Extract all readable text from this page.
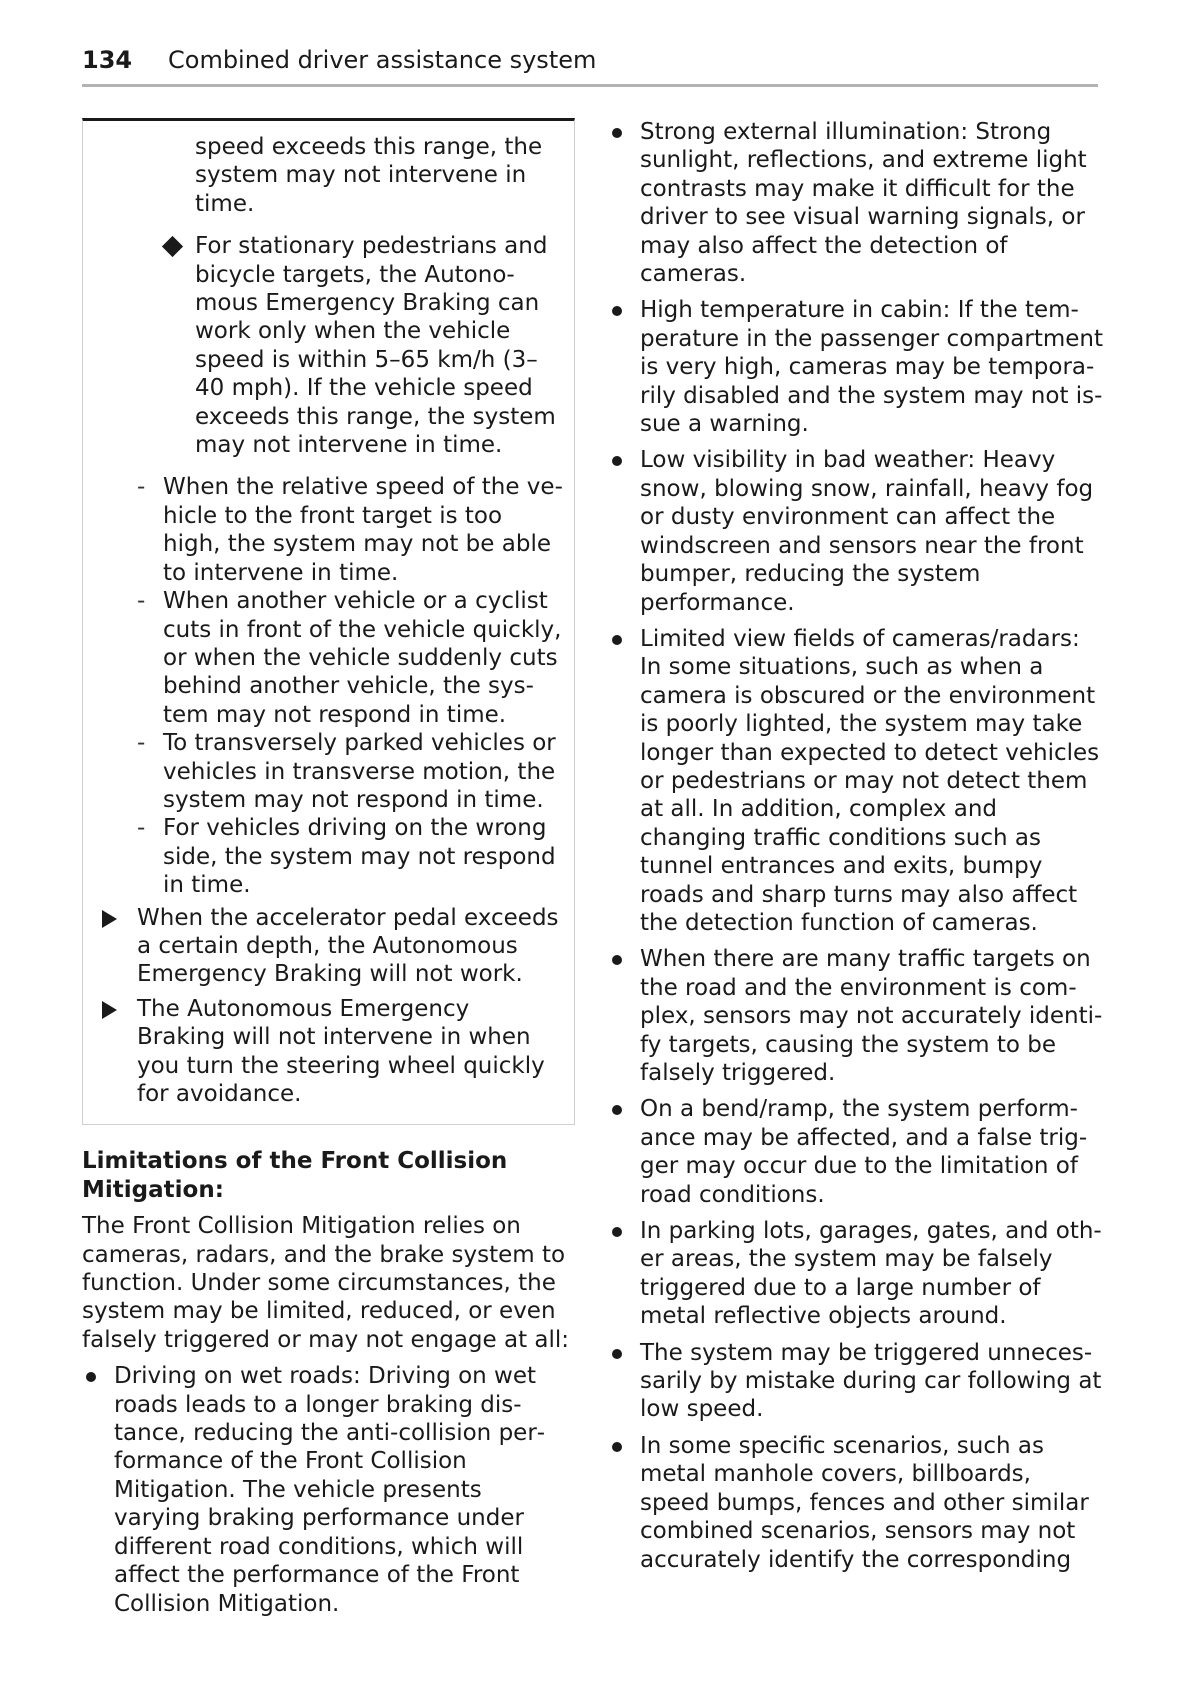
134 Combined driver assistance system

speed exceeds this range, the system may not intervene in time.

For stationary pedestrians and bicycle targets, the Autonomous Emergency Braking can work only when the vehicle speed is within 5–65 km/h (3–40 mph). If the vehicle speed exceeds this range, the system may not intervene in time.

- When the relative speed of the vehicle to the front target is too high, the system may not be able to intervene in time.

- When another vehicle or a cyclist cuts in front of the vehicle quickly, or when the vehicle suddenly cuts behind another vehicle, the system may not respond in time.

- To transversely parked vehicles or vehicles in transverse motion, the system may not respond in time.

- For vehicles driving on the wrong side, the system may not respond in time.

When the accelerator pedal exceeds a certain depth, the Autonomous Emergency Braking will not work.

The Autonomous Emergency Braking will not intervene in when you turn the steering wheel quickly for avoidance.

Limitations of the Front Collision Mitigation:

The Front Collision Mitigation relies on cameras, radars, and the brake system to function. Under some circumstances, the system may be limited, reduced, or even falsely triggered or may not engage at all:

Driving on wet roads: Driving on wet roads leads to a longer braking distance, reducing the anti-collision performance of the Front Collision Mitigation. The vehicle presents varying braking performance under different road conditions, which will affect the performance of the Front Collision Mitigation.

Strong external illumination: Strong sunlight, reflections, and extreme light contrasts may make it difficult for the driver to see visual warning signals, or may also affect the detection of cameras.

High temperature in cabin: If the temperature in the passenger compartment is very high, cameras may be temporarily disabled and the system may not issue a warning.

Low visibility in bad weather: Heavy snow, blowing snow, rainfall, heavy fog or dusty environment can affect the windscreen and sensors near the front bumper, reducing the system performance.

Limited view fields of cameras/radars: In some situations, such as when a camera is obscured or the environment is poorly lighted, the system may take longer than expected to detect vehicles or pedestrians or may not detect them at all. In addition, complex and changing traffic conditions such as tunnel entrances and exits, bumpy roads and sharp turns may also affect the detection function of cameras.

When there are many traffic targets on the road and the environment is complex, sensors may not accurately identify targets, causing the system to be falsely triggered.

On a bend/ramp, the system performance may be affected, and a false trigger may occur due to the limitation of road conditions.

In parking lots, garages, gates, and other areas, the system may be falsely triggered due to a large number of metal reflective objects around.

The system may be triggered unnecessarily by mistake during car following at low speed.

In some specific scenarios, such as metal manhole covers, billboards, speed bumps, fences and other similar combined scenarios, sensors may not accurately identify the corresponding
